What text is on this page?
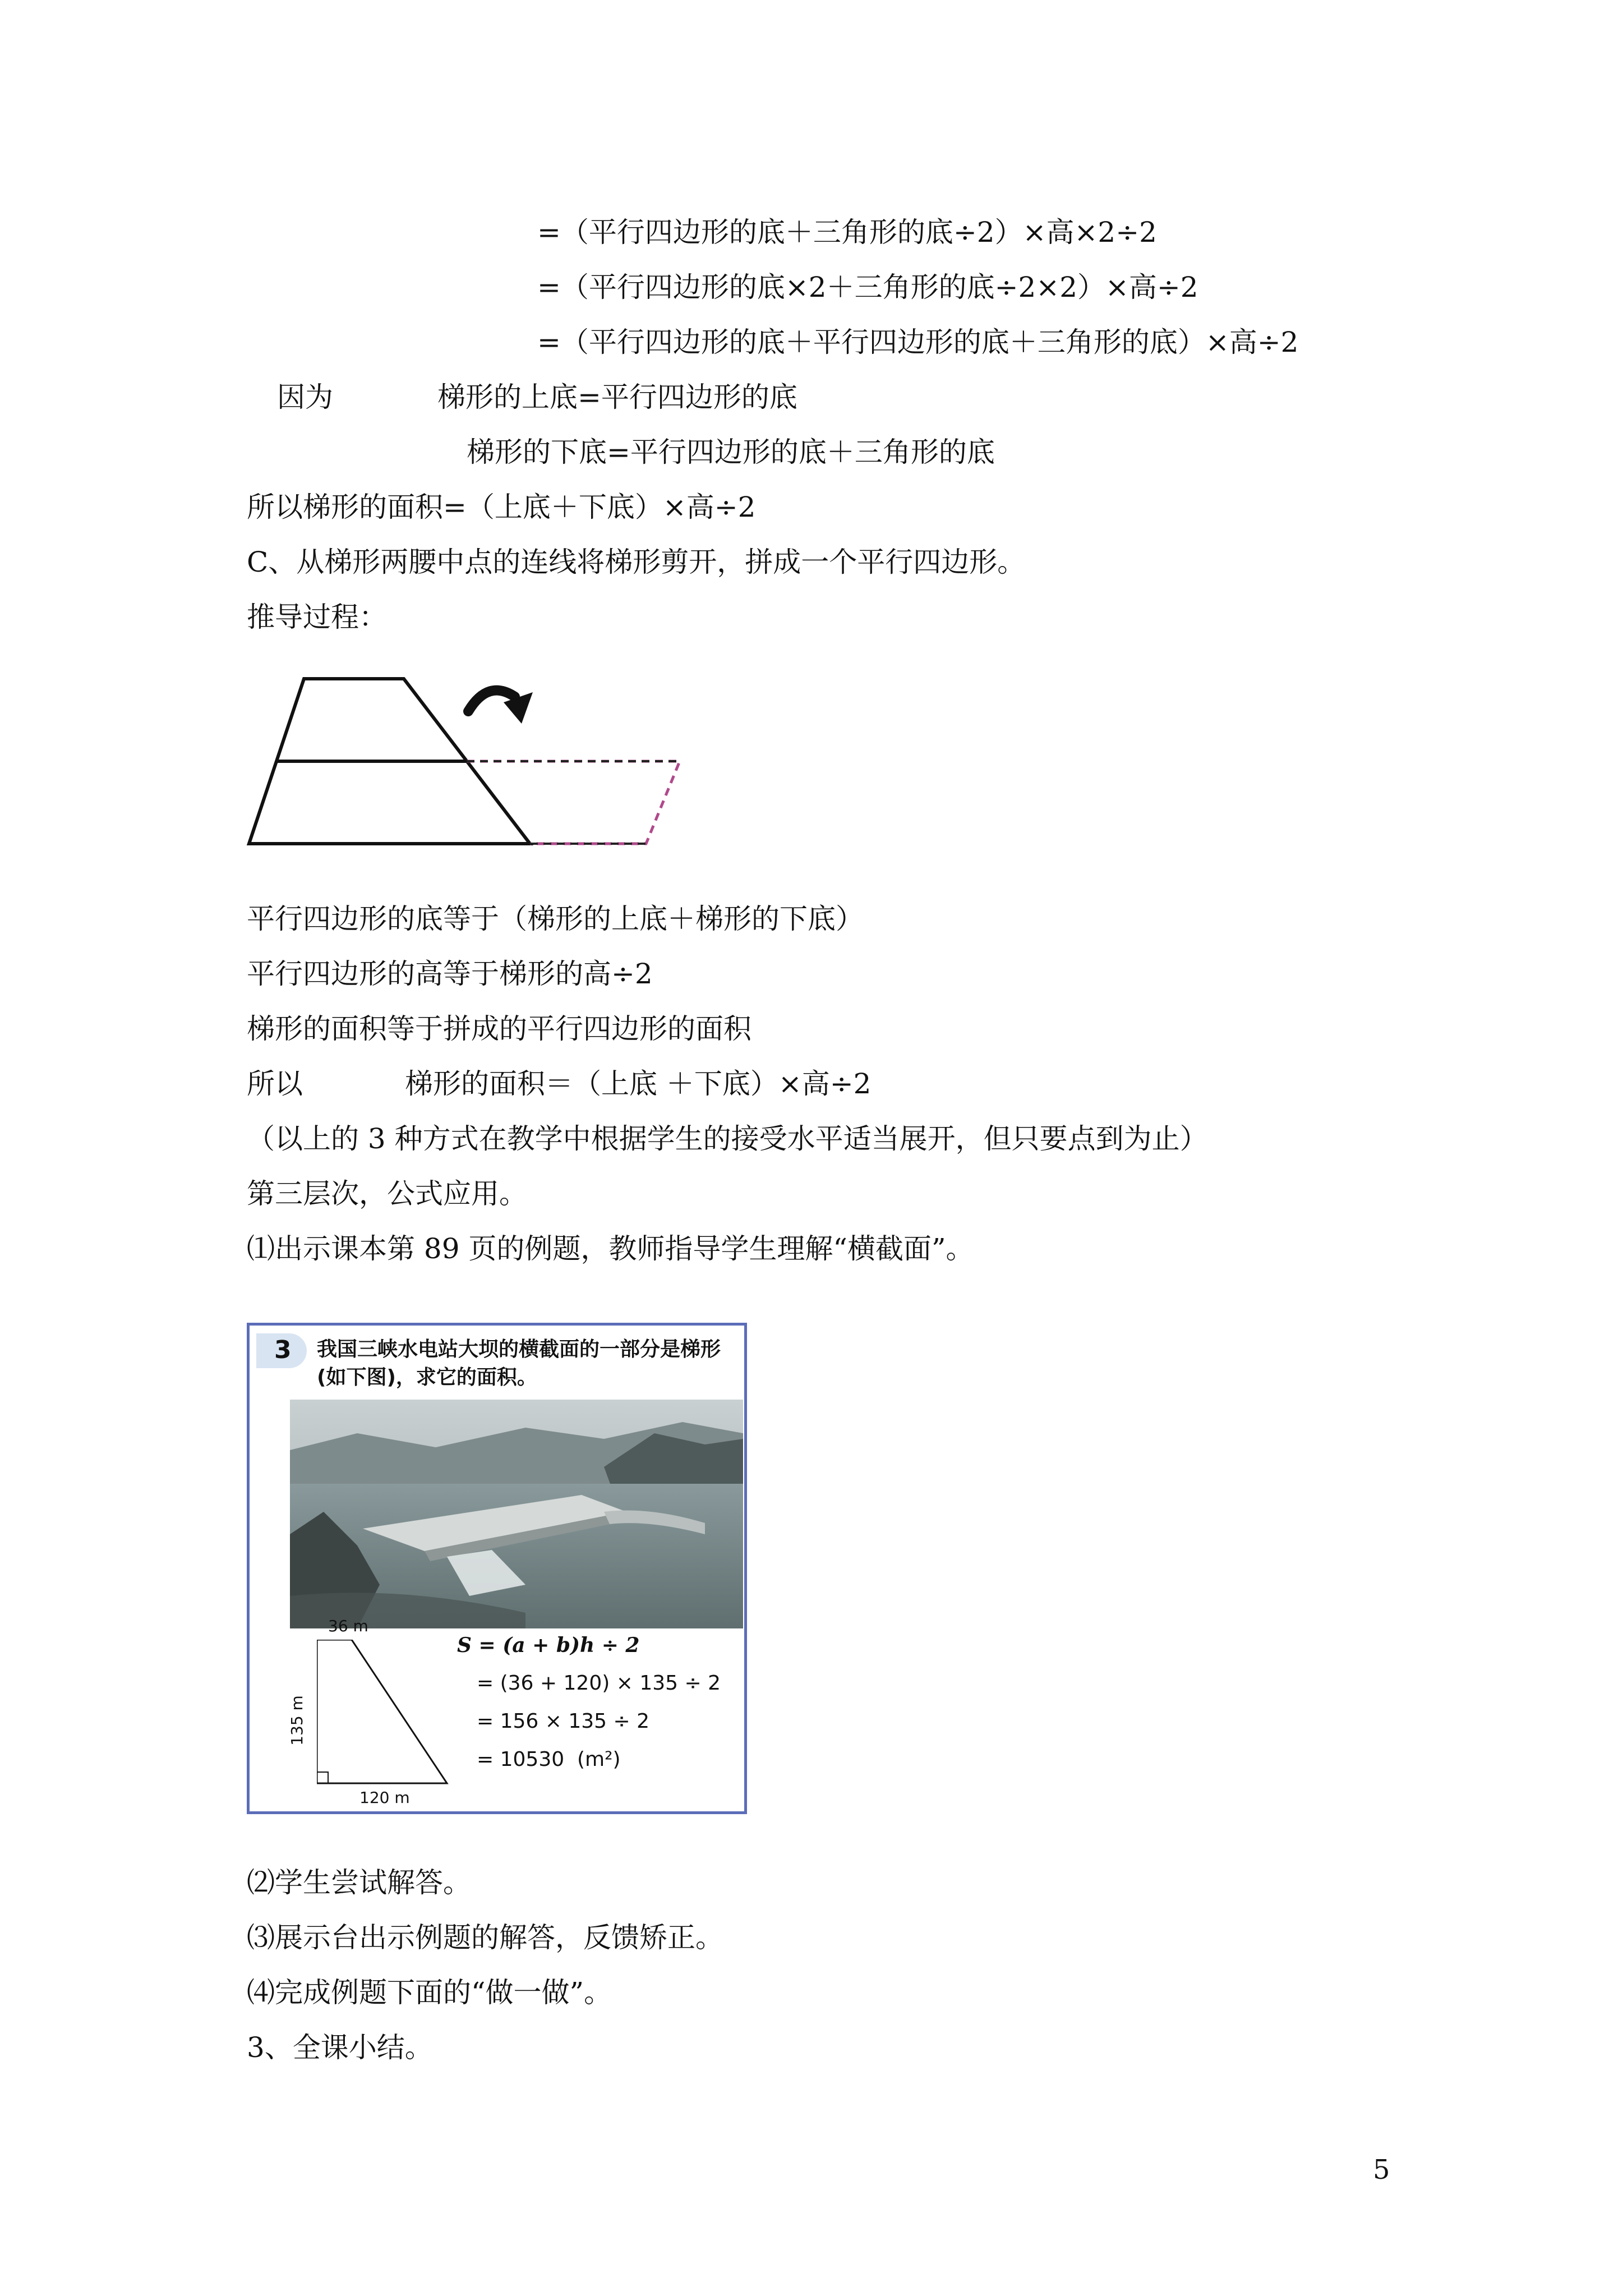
=（平行四边形的底＋三角形的底÷2）×高×2÷2
=（平行四边形的底×2＋三角形的底÷2×2）×高÷2
=（平行四边形的底＋平行四边形的底＋三角形的底）×高÷2
因为	梯形的上底=平行四边形的底
梯形的下底=平行四边形的底＋三角形的底
所以梯形的面积=（上底＋下底）×高÷2
C、从梯形两腰中点的连线将梯形剪开，拼成一个平行四边形。
推导过程：
平行四边形的底等于（梯形的上底＋梯形的下底）
平行四边形的高等于梯形的高÷2
梯形的面积等于拼成的平行四边形的面积
所以	梯形的面积＝（上底 ＋下底）×高÷2
（以上的 3 种方式在教学中根据学生的接受水平适当展开，但只要点到为止）
第三层次，公式应用。
⑴出示课本第 89 页的例题，教师指导学生理解“横截面”。
3 我国三峡水电站大坝的横截面的一部分是梯形
(如下图)，求它的面积。
36 m
135 m
120 m
S = (a + b)h ÷ 2
= (36 + 120) × 135 ÷ 2
= 156 × 135 ÷ 2
= 10530  (m²)
⑵学生尝试解答。
⑶展示台出示例题的解答，反馈矫正。
⑷完成例题下面的“做一做”。
3、全课小结。
5
